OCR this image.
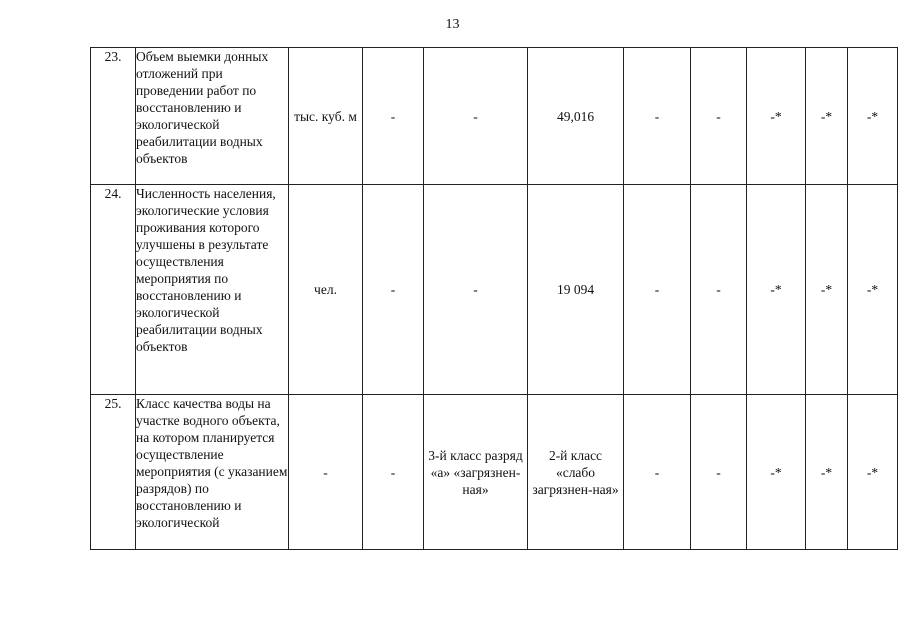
13
23.	Объем выемки донных отложений при проведении работ по восстановлению и экологической реабилитации водных объектов	тыс. куб. м	-	-	49,016	-	-	-*	-*	-*
24.	Численность населения, экологические условия проживания которого улучшены в результате осуществления мероприятия по восстановлению и экологической реабилитации водных объектов	чел.	-	-	19 094	-	-	-*	-*	-*
25.	Класс качества воды на участке водного объекта, на котором планируется осуществление мероприятия (с указанием разрядов) по восстановлению и экологической	-	-	3-й класс разряд «а» «загрязнен-ная»	2-й класс «слабо загрязнен-ная»	-	-	-*	-*	-*
